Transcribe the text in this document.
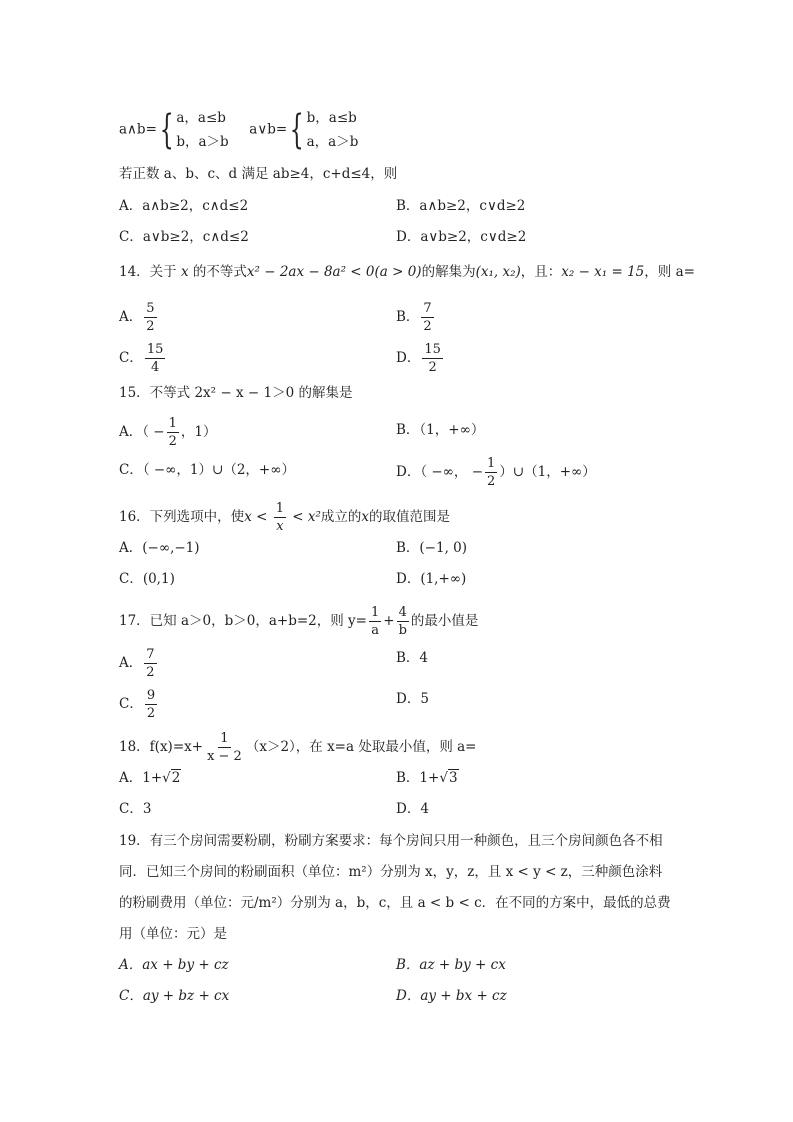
a∧b={ a，a≤b
b，a＞b
a∨b={ b，a≤b
a，a＞b
若正数 a、b、c、d 满足 ab≥4，c+d≤4，则
A．a∧b≥2，c∧d≤2	B．a∧b≥2，c∨d≥2
C．a∨b≥2，c∧d≤2	D．a∨b≥2，c∨d≥2
14．关于 x 的不等式x² − 2ax − 8a² < 0(a > 0)的解集为(x₁, x₂)，且：x₂ − x₁ = 15，则 a=
A． $\frac{5}{2}$	B． $\frac{7}{2}$
C． $\frac{15}{4}$	D． $\frac{15}{2}$
15．不等式 2x² − x − 1＞0 的解集是
A．（ − $\frac{1}{2}$ ，1）	B．（1，+∞）
C．（ −∞，1）∪（2，+∞）	D．（ −∞， − $\frac{1}{2}$ ）∪（1，+∞）
16．下列选项中，使$x < \frac{1}{x} < x^2$成立的x的取值范围是
A．(−∞,−1)	B．(−1, 0)
C．(0,1)	D．(1,+∞)
17．已知 a＞0，b＞0，a+b=2，则 $y= \frac{1}{a} + \frac{4}{b}$ 的最小值是
A． $\frac{7}{2}$	B．4
C． $\frac{9}{2}$	D．5
18．$f(x)=x+ \frac{1}{x - 2} (x>2)$，在 x=a 处取最小值，则 a=
A．1+√2	B．1+√3
C．3	D．4
19．有三个房间需要粉刷，粉刷方案要求：每个房间只用一种颜色，且三个房间颜色各不相
同．已知三个房间的粉刷面积（单位：m²）分别为 x，y，z，且 x < y < z，三种颜色涂料
的粉刷费用（单位：元/m²）分别为 a，b，c，且 a < b < c．在不同的方案中，最低的总费
用（单位：元）是
A．ax + by + cz	B．az + by + cx
C．ay + bz + cx	D．ay + bx + cz
